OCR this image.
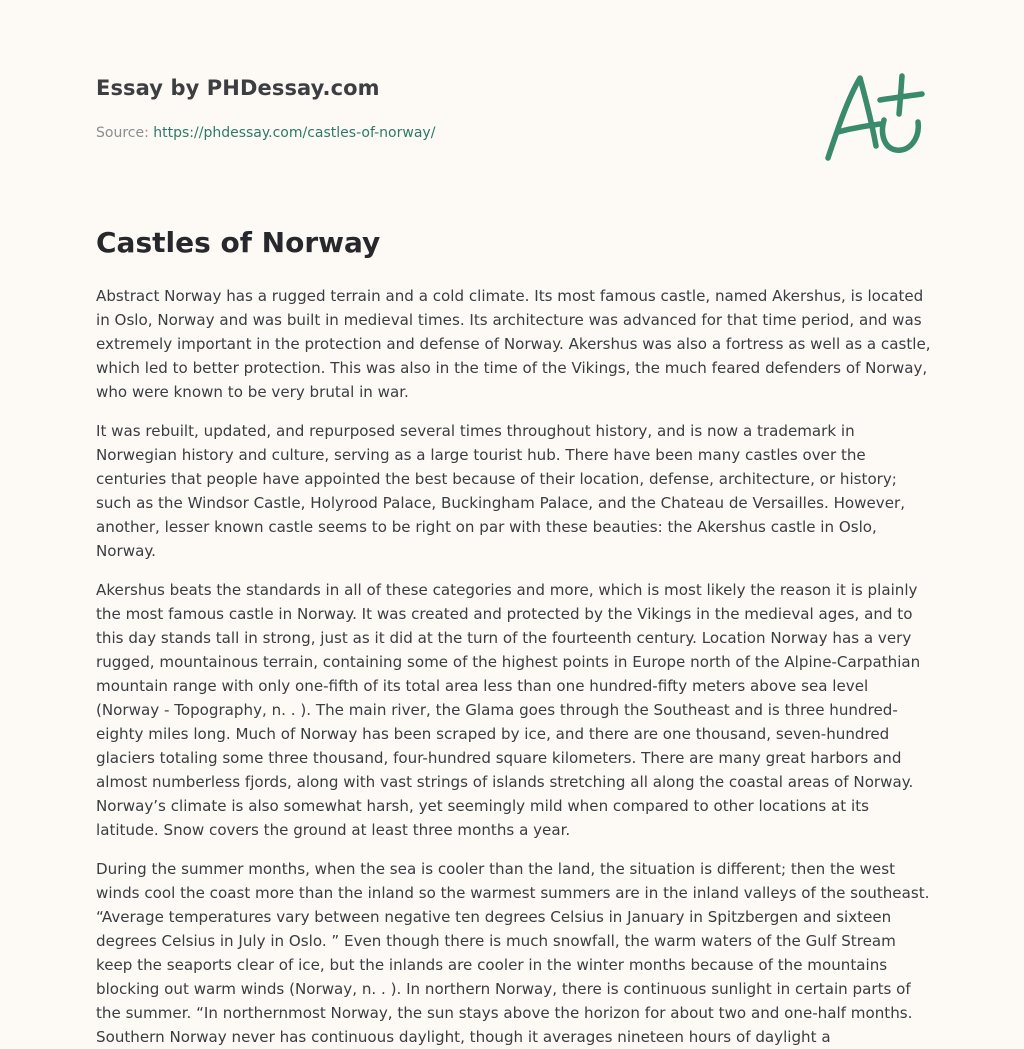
Essay by PHDessay.com
Source: https://phdessay.com/castles-of-norway/
Castles of Norway

Abstract Norway has a rugged terrain and a cold climate. Its most famous castle, named Akershus, is located in Oslo, Norway and was built in medieval times. Its architecture was advanced for that time period, and was extremely important in the protection and defense of Norway. Akershus was also a fortress as well as a castle, which led to better protection. This was also in the time of the Vikings, the much feared defenders of Norway, who were known to be very brutal in war.

It was rebuilt, updated, and repurposed several times throughout history, and is now a trademark in Norwegian history and culture, serving as a large tourist hub. There have been many castles over the centuries that people have appointed the best because of their location, defense, architecture, or history; such as the Windsor Castle, Holyrood Palace, Buckingham Palace, and the Chateau de Versailles. However, another, lesser known castle seems to be right on par with these beauties: the Akershus castle in Oslo, Norway.

Akershus beats the standards in all of these categories and more, which is most likely the reason it is plainly the most famous castle in Norway. It was created and protected by the Vikings in the medieval ages, and to this day stands tall in strong, just as it did at the turn of the fourteenth century. Location Norway has a very rugged, mountainous terrain, containing some of the highest points in Europe north of the Alpine-Carpathian mountain range with only one-fifth of its total area less than one hundred-fifty meters above sea level (Norway - Topography, n. . ). The main river, the Glama goes through the Southeast and is three hundred-eighty miles long. Much of Norway has been scraped by ice, and there are one thousand, seven-hundred glaciers totaling some three thousand, four-hundred square kilometers. There are many great harbors and almost numberless fjords, along with vast strings of islands stretching all along the coastal areas of Norway. Norway’s climate is also somewhat harsh, yet seemingly mild when compared to other locations at its latitude. Snow covers the ground at least three months a year.

During the summer months, when the sea is cooler than the land, the situation is different; then the west winds cool the coast more than the inland so the warmest summers are in the inland valleys of the southeast. “Average temperatures vary between negative ten degrees Celsius in January in Spitzbergen and sixteen degrees Celsius in July in Oslo. ” Even though there is much snowfall, the warm waters of the Gulf Stream keep the seaports clear of ice, but the inlands are cooler in the winter months because of the mountains blocking out warm winds (Norway, n. . ). In northern Norway, there is continuous sunlight in certain parts of the summer. “In northernmost Norway, the sun stays above the horizon for about two and one-half months. Southern Norway never has continuous daylight, though it averages nineteen hours of daylight a
